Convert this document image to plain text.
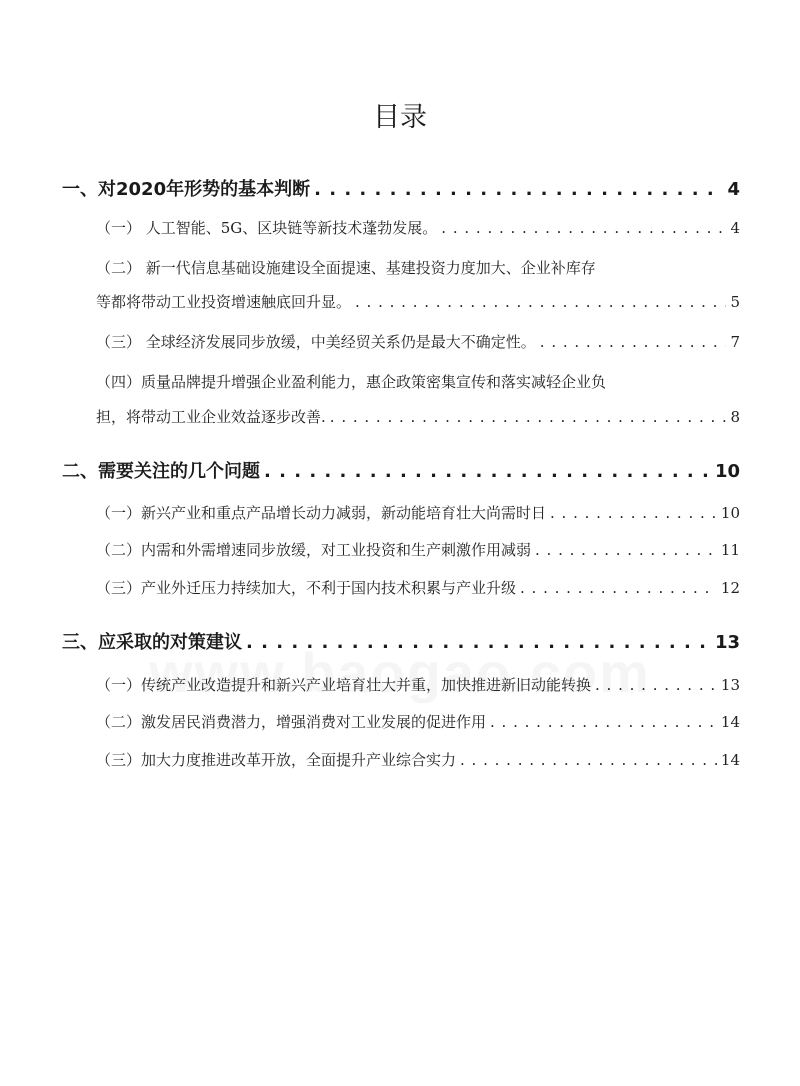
目录
一、对2020年形势的基本判断 . . .	4
（一） 人工智能、5G、区块链等新技术蓬勃发展。 . . .	4
（二） 新一代信息基础设施建设全面提速、基建投资力度加大、企业补库存
等都将带动工业投资增速触底回升显。 . . .	5
（三） 全球经济发展同步放缓，中美经贸关系仍是最大不确定性。 . . .	7
（四）质量品牌提升增强企业盈利能力，惠企政策密集宣传和落实减轻企业负
担，将带动工业企业效益逐步改善. . . .	8
二、需要关注的几个问题 . . .	10
（一）新兴产业和重点产品增长动力减弱，新动能培育壮大尚需时日 . . .	10
（二）内需和外需增速同步放缓，对工业投资和生产刺激作用减弱 . . .	11
（三）产业外迁压力持续加大，不利于国内技术积累与产业升级 . . .	12
三、应采取的对策建议 . . .	13
（一）传统产业改造提升和新兴产业培育壮大并重，加快推进新旧动能转换 . . .	13
（二）激发居民消费潜力，增强消费对工业发展的促进作用 . . .	14
（三）加大力度推进改革开放，全面提升产业综合实力 . . .	14
